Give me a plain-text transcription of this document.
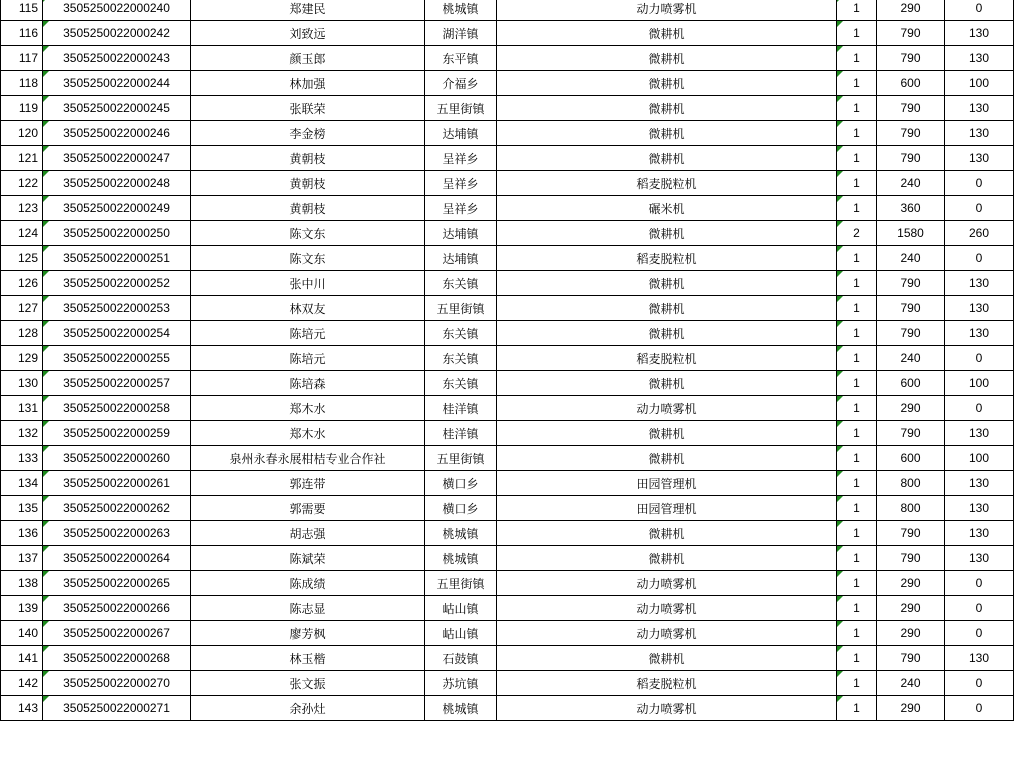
115	3505250022000240	郑建民	桃城镇	动力喷雾机	1	290	0
116	3505250022000242	刘致远	湖洋镇	微耕机	1	790	130
117	3505250022000243	颜玉郎	东平镇	微耕机	1	790	130
118	3505250022000244	林加强	介福乡	微耕机	1	600	100
119	3505250022000245	张联荣	五里街镇	微耕机	1	790	130
120	3505250022000246	李金榜	达埔镇	微耕机	1	790	130
121	3505250022000247	黄朝枝	呈祥乡	微耕机	1	790	130
122	3505250022000248	黄朝枝	呈祥乡	稻麦脱粒机	1	240	0
123	3505250022000249	黄朝枝	呈祥乡	碾米机	1	360	0
124	3505250022000250	陈文东	达埔镇	微耕机	2	1580	260
125	3505250022000251	陈文东	达埔镇	稻麦脱粒机	1	240	0
126	3505250022000252	张中川	东关镇	微耕机	1	790	130
127	3505250022000253	林双友	五里街镇	微耕机	1	790	130
128	3505250022000254	陈培元	东关镇	微耕机	1	790	130
129	3505250022000255	陈培元	东关镇	稻麦脱粒机	1	240	0
130	3505250022000257	陈培森	东关镇	微耕机	1	600	100
131	3505250022000258	郑木水	桂洋镇	动力喷雾机	1	290	0
132	3505250022000259	郑木水	桂洋镇	微耕机	1	790	130
133	3505250022000260	泉州永春永展柑桔专业合作社	五里街镇	微耕机	1	600	100
134	3505250022000261	郭连带	横口乡	田园管理机	1	800	130
135	3505250022000262	郭需要	横口乡	田园管理机	1	800	130
136	3505250022000263	胡志强	桃城镇	微耕机	1	790	130
137	3505250022000264	陈斌荣	桃城镇	微耕机	1	790	130
138	3505250022000265	陈成绩	五里街镇	动力喷雾机	1	290	0
139	3505250022000266	陈志显	岵山镇	动力喷雾机	1	290	0
140	3505250022000267	廖芳枫	岵山镇	动力喷雾机	1	290	0
141	3505250022000268	林玉楷	石鼓镇	微耕机	1	790	130
142	3505250022000270	张文振	苏坑镇	稻麦脱粒机	1	240	0
143	3505250022000271	余孙灶	桃城镇	动力喷雾机	1	290	0
